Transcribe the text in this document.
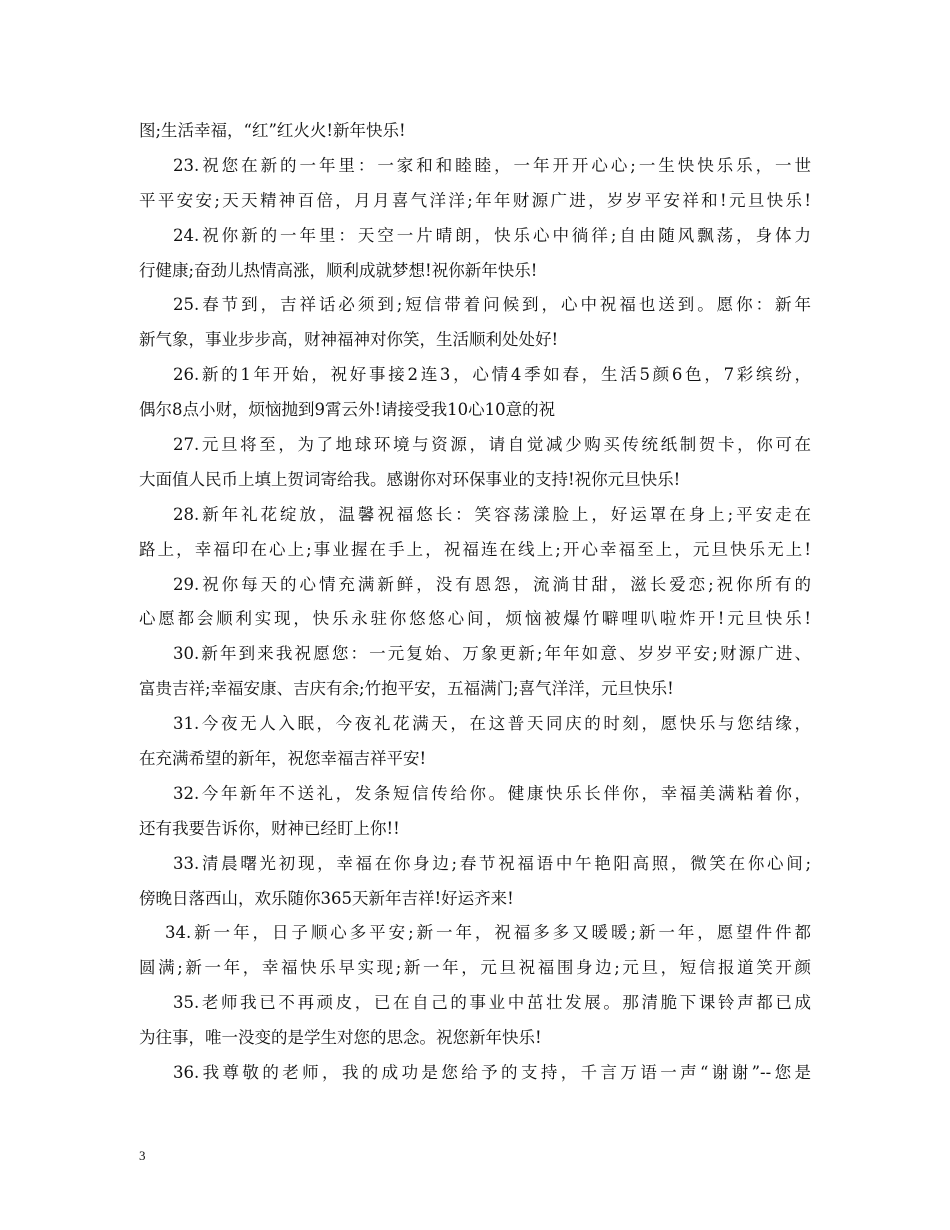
图;生活幸福，“红”红火火!新年快乐!
23.祝您在新的一年里：一家和和睦睦，一年开开心心;一生快快乐乐，一世
平平安安;天天精神百倍，月月喜气洋洋;年年财源广进，岁岁平安祥和!元旦快乐!
24.祝你新的一年里：天空一片晴朗，快乐心中徜徉;自由随风飘荡，身体力
行健康;奋劲儿热情高涨，顺利成就梦想!祝你新年快乐!
25.春节到，吉祥话必须到;短信带着问候到，心中祝福也送到。愿你：新年
新气象，事业步步高，财神福神对你笑，生活顺利处处好!
26.新的1年开始，祝好事接2连3，心情4季如春，生活5颜6色，7彩缤纷，
偶尔8点小财，烦恼抛到9霄云外!请接受我10心10意的祝
27.元旦将至，为了地球环境与资源，请自觉减少购买传统纸制贺卡，你可在
大面值人民币上填上贺词寄给我。感谢你对环保事业的支持!祝你元旦快乐!
28.新年礼花绽放，温馨祝福悠长：笑容荡漾脸上，好运罩在身上;平安走在
路上，幸福印在心上;事业握在手上，祝福连在线上;开心幸福至上，元旦快乐无上!
29.祝你每天的心情充满新鲜，没有恩怨，流淌甘甜，滋长爱恋;祝你所有的
心愿都会顺利实现，快乐永驻你悠悠心间，烦恼被爆竹噼哩叭啦炸开!元旦快乐!
30.新年到来我祝愿您：一元复始、万象更新;年年如意、岁岁平安;财源广进、
富贵吉祥;幸福安康、吉庆有余;竹抱平安，五福满门;喜气洋洋，元旦快乐!
31.今夜无人入眠，今夜礼花满天，在这普天同庆的时刻，愿快乐与您结缘，
在充满希望的新年，祝您幸福吉祥平安!
32.今年新年不送礼，发条短信传给你。健康快乐长伴你，幸福美满粘着你，
还有我要告诉你，财神已经盯上你!!
33.清晨曙光初现，幸福在你身边;春节祝福语中午艳阳高照，微笑在你心间;
傍晚日落西山，欢乐随你365天新年吉祥!好运齐来!
34.新一年，日子顺心多平安;新一年，祝福多多又暖暖;新一年，愿望件件都
圆满;新一年，幸福快乐早实现;新一年，元旦祝福围身边;元旦，短信报道笑开颜
35.老师我已不再顽皮，已在自己的事业中茁壮发展。那清脆下课铃声都已成
为往事，唯一没变的是学生对您的思念。祝您新年快乐!
36.我尊敬的老师，我的成功是您给予的支持，千言万语一声“谢谢”--您是
3
